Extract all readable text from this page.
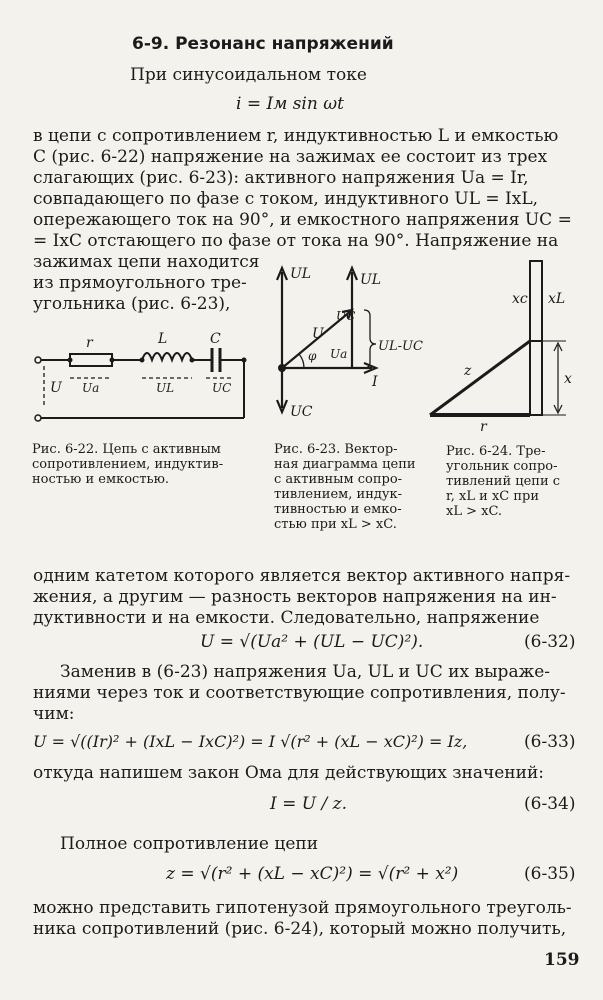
6-9. Резонанс напряжений
При синусоидальном токе
i = Iм sin ωt
в цепи с сопротивлением r, индуктивностью L и емкостью
C (рис. 6-22) напряжение на зажимах ее состоит из трех
слагающих (рис. 6-23): активного напряжения Uа = Ir,
совпадающего по фазе с током, индуктивного UL = IxL,
опережающего ток на 90°, и емкостного напряжения UC =
= IxC отстающего по фазе от тока на 90°. Напряжение на
зажимах цепи находится
из прямоугольного тре-
угольника (рис. 6-23),
r	L	C
U Ua	UL	UC
Рис. 6-22. Цепь с активным
сопротивлением, индуктив-
ностью и емкостью.
UL	UL
UC
U
φ Ua
I
UL-UC
UC
Рис. 6-23. Вектор-
ная диаграмма цепи
с активным сопро-
тивлением, индук-
тивностью и емко-
стью при xL > xC.
xc xL
z	x
r
Рис. 6-24. Тре-
угольник сопро-
тивлений цепи с
r, xL и xC при
xL > xC.
одним катетом которого является вектор активного напря-
жения, а другим — разность векторов напряжения на ин-
дуктивности и на емкости. Следовательно, напряжение
U = √(Uа² + (UL − UC)²).	(6-32)
Заменив в (6-23) напряжения Uа, UL и UC их выраже-
ниями через ток и соответствующие сопротивления, полу-
чим:
U = √((Ir)² + (IxL − IxC)²) = I √(r² + (xL − xC)²) = Iz,	(6-33)
откуда напишем закон Ома для действующих значений:
I = U / z.	(6-34)
Полное сопротивление цепи
z = √(r² + (xL − xC)²) = √(r² + x²)	(6-35)
можно представить гипотенузой прямоугольного треуголь-
ника сопротивлений (рис. 6-24), который можно получить,
159
